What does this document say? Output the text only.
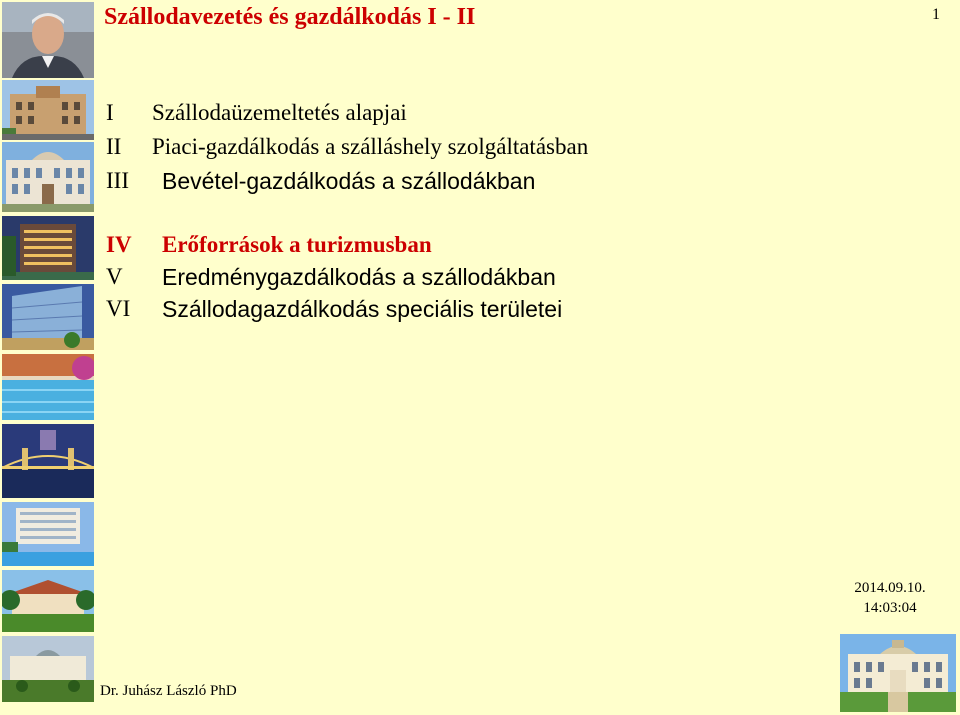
Szállodavezetés és gazdálkodás I - II	1
I Szállodaüzemeltetés alapjai
II Piaci-gazdálkodás a szálláshely szolgáltatásban
III Bevétel-gazdálkodás a szállodákban
IV Erőforrások a turizmusban
V Eredménygazdálkodás a szállodákban
VI Szállodagazdálkodás speciális területei
2014.09.10.
14:03:04
Dr. Juhász László PhD
